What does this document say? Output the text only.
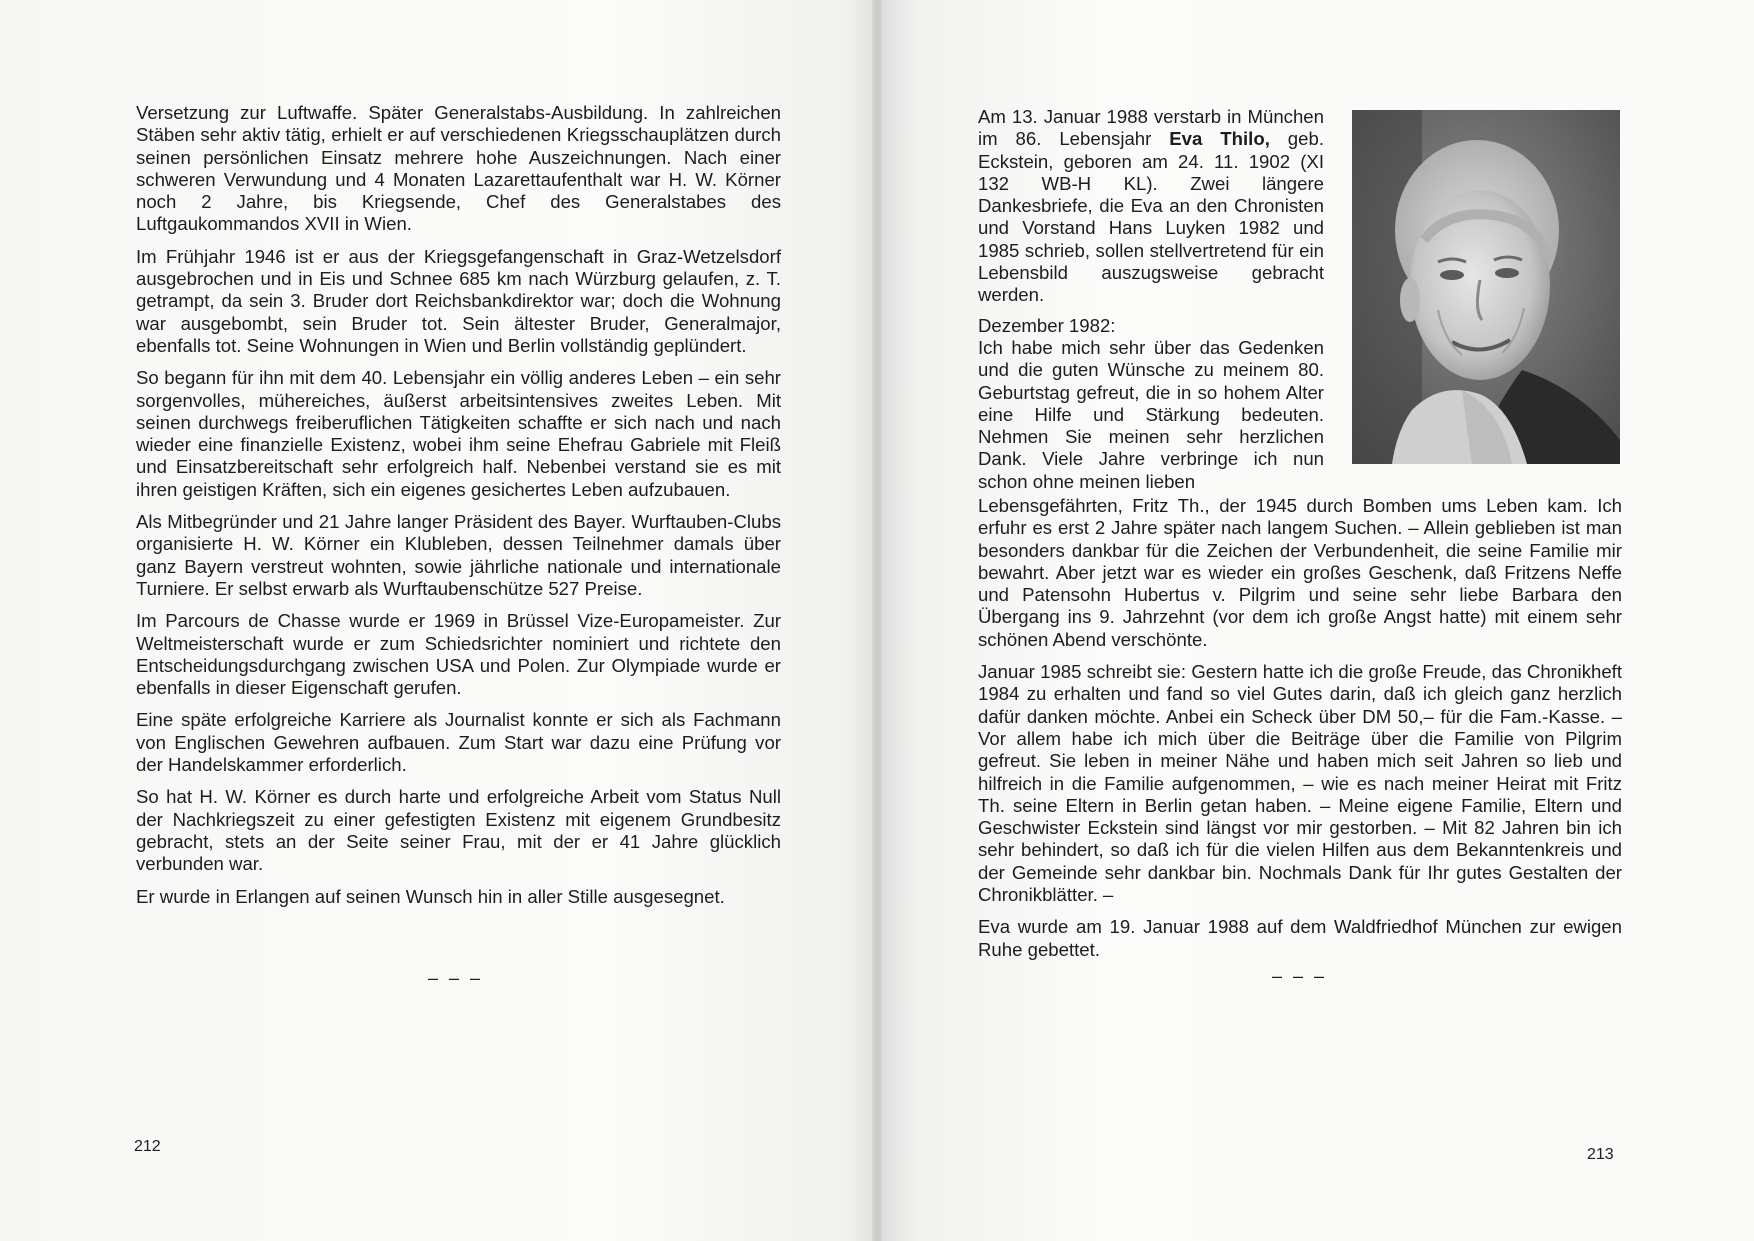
Versetzung zur Luftwaffe. Später Generalstabs-Ausbildung. In zahlreichen Stäben sehr aktiv tätig, erhielt er auf verschiedenen Kriegsschauplätzen durch seinen persönlichen Einsatz mehrere hohe Auszeichnungen. Nach einer schweren Verwundung und 4 Monaten Lazarettaufenthalt war H. W. Körner noch 2 Jahre, bis Kriegsende, Chef des Generalstabes des Luftgaukommandos XVII in Wien.

Im Frühjahr 1946 ist er aus der Kriegsgefangenschaft in Graz-Wetzelsdorf ausgebrochen und in Eis und Schnee 685 km nach Würzburg gelaufen, z. T. getrampt, da sein 3. Bruder dort Reichsbankdirektor war; doch die Wohnung war ausgebombt, sein Bruder tot. Sein ältester Bruder, Generalmajor, ebenfalls tot. Seine Wohnungen in Wien und Berlin vollständig geplündert.

So begann für ihn mit dem 40. Lebensjahr ein völlig anderes Leben – ein sehr sorgenvolles, mühereiches, äußerst arbeitsintensives zweites Leben. Mit seinen durchwegs freiberuflichen Tätigkeiten schaffte er sich nach und nach wieder eine finanzielle Existenz, wobei ihm seine Ehefrau Gabriele mit Fleiß und Einsatzbereitschaft sehr erfolgreich half. Nebenbei verstand sie es mit ihren geistigen Kräften, sich ein eigenes gesichertes Leben aufzubauen.

Als Mitbegründer und 21 Jahre langer Präsident des Bayer. Wurftauben-Clubs organisierte H. W. Körner ein Klubleben, dessen Teilnehmer damals über ganz Bayern verstreut wohnten, sowie jährliche nationale und internationale Turniere. Er selbst erwarb als Wurftaubenschütze 527 Preise.

Im Parcours de Chasse wurde er 1969 in Brüssel Vize-Europameister. Zur Weltmeisterschaft wurde er zum Schiedsrichter nominiert und richtete den Entscheidungsdurchgang zwischen USA und Polen. Zur Olympiade wurde er ebenfalls in dieser Eigenschaft gerufen.

Eine späte erfolgreiche Karriere als Journalist konnte er sich als Fachmann von Englischen Gewehren aufbauen. Zum Start war dazu eine Prüfung vor der Handelskammer erforderlich.

So hat H. W. Körner es durch harte und erfolgreiche Arbeit vom Status Null der Nachkriegszeit zu einer gefestigten Existenz mit eigenem Grundbesitz gebracht, stets an der Seite seiner Frau, mit der er 41 Jahre glücklich verbunden war.

Er wurde in Erlangen auf seinen Wunsch hin in aller Stille ausgesegnet.

– – –
212

Am 13. Januar 1988 verstarb in München im 86. Lebensjahr Eva Thilo, geb. Eckstein, geboren am 24. 11. 1902 (XI 132 WB-H KL). Zwei längere Dankesbriefe, die Eva an den Chronisten und Vorstand Hans Luyken 1982 und 1985 schrieb, sollen stellvertretend für ein Lebensbild auszugsweise gebracht werden.

Dezember 1982:

Ich habe mich sehr über das Gedenken und die guten Wünsche zu meinem 80. Geburtstag gefreut, die in so hohem Alter eine Hilfe und Stärkung bedeuten. Nehmen Sie meinen sehr herzlichen Dank. Viele Jahre verbringe ich nun schon ohne meinen lieben

Lebensgefährten, Fritz Th., der 1945 durch Bomben ums Leben kam. Ich erfuhr es erst 2 Jahre später nach langem Suchen. – Allein geblieben ist man besonders dankbar für die Zeichen der Verbundenheit, die seine Familie mir bewahrt. Aber jetzt war es wieder ein großes Geschenk, daß Fritzens Neffe und Patensohn Hubertus v. Pilgrim und seine sehr liebe Barbara den Übergang ins 9. Jahrzehnt (vor dem ich große Angst hatte) mit einem sehr schönen Abend verschönte.

Januar 1985 schreibt sie: Gestern hatte ich die große Freude, das Chronikheft 1984 zu erhalten und fand so viel Gutes darin, daß ich gleich ganz herzlich dafür danken möchte. Anbei ein Scheck über DM 50,– für die Fam.-Kasse. – Vor allem habe ich mich über die Beiträge über die Familie von Pilgrim gefreut. Sie leben in meiner Nähe und haben mich seit Jahren so lieb und hilfreich in die Familie aufgenommen, – wie es nach meiner Heirat mit Fritz Th. seine Eltern in Berlin getan haben. – Meine eigene Familie, Eltern und Geschwister Eckstein sind längst vor mir gestorben. – Mit 82 Jahren bin ich sehr behindert, so daß ich für die vielen Hilfen aus dem Bekanntenkreis und der Gemeinde sehr dankbar bin. Nochmals Dank für Ihr gutes Gestalten der Chronikblätter. –

Eva wurde am 19. Januar 1988 auf dem Waldfriedhof München zur ewigen Ruhe gebettet.

– – –
213
